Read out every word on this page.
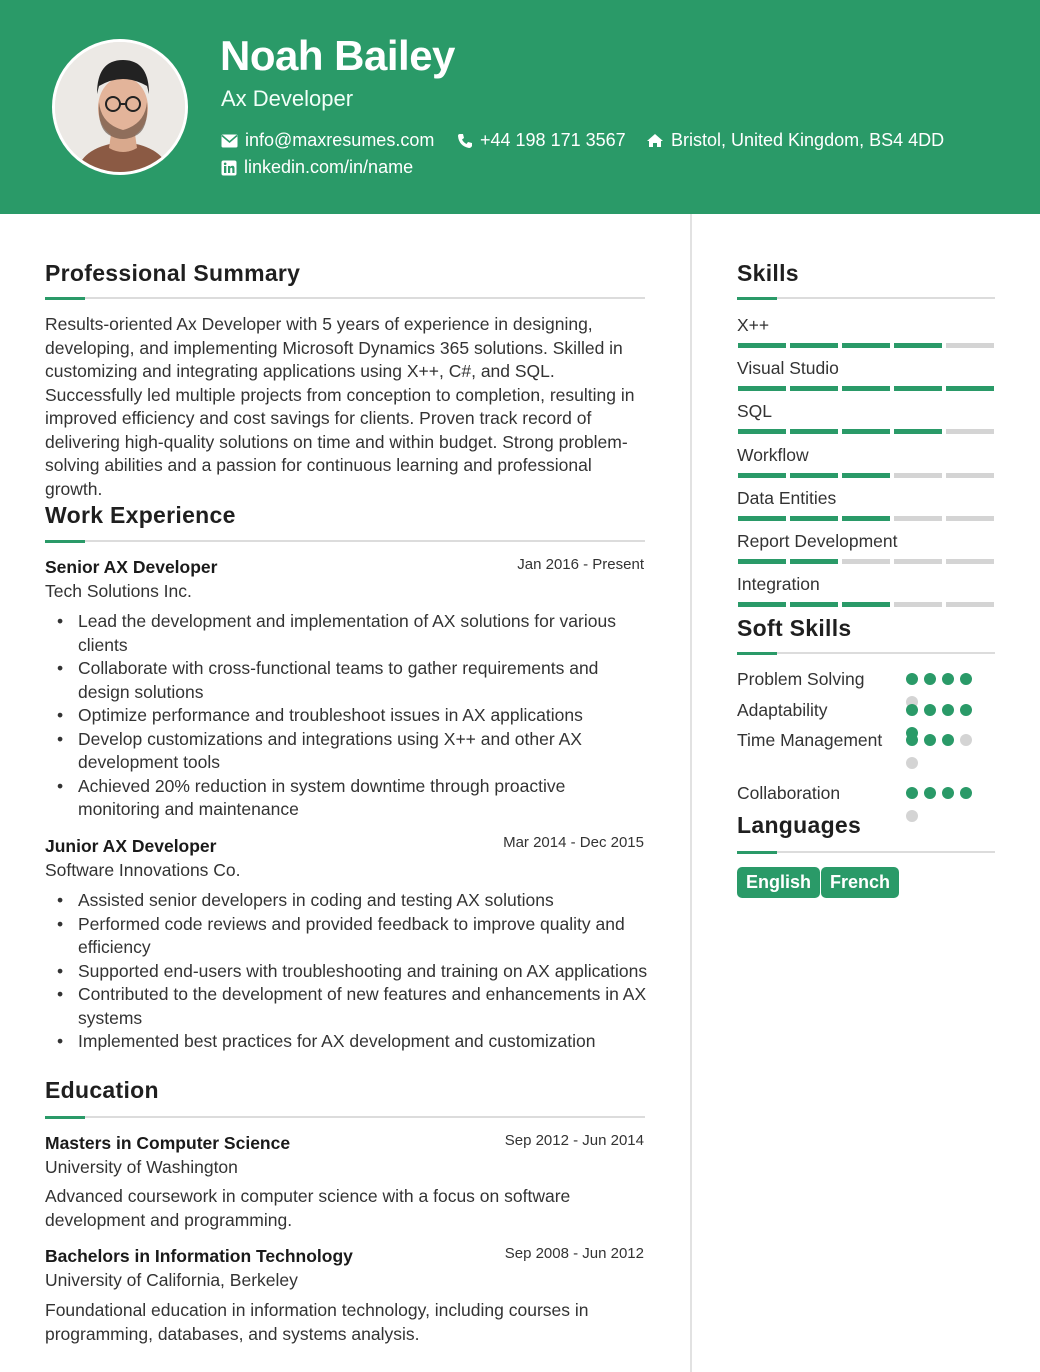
Noah Bailey
Ax Developer
info@maxresumes.com	+44 198 171 3567	Bristol, United Kingdom, BS4 4DD
linkedin.com/in/name
Professional Summary
Results-oriented Ax Developer with 5 years of experience in designing, developing, and implementing Microsoft Dynamics 365 solutions. Skilled in customizing and integrating applications using X++, C#, and SQL. Successfully led multiple projects from conception to completion, resulting in improved efficiency and cost savings for clients. Proven track record of delivering high-quality solutions on time and within budget. Strong problem-solving abilities and a passion for continuous learning and professional growth.
Work Experience
Senior AX Developer	Jan 2016 - Present
Tech Solutions Inc.
• Lead the development and implementation of AX solutions for various clients
• Collaborate with cross-functional teams to gather requirements and design solutions
• Optimize performance and troubleshoot issues in AX applications
• Develop customizations and integrations using X++ and other AX development tools
• Achieved 20% reduction in system downtime through proactive monitoring and maintenance
Junior AX Developer	Mar 2014 - Dec 2015
Software Innovations Co.
• Assisted senior developers in coding and testing AX solutions
• Performed code reviews and provided feedback to improve quality and efficiency
• Supported end-users with troubleshooting and training on AX applications
• Contributed to the development of new features and enhancements in AX systems
• Implemented best practices for AX development and customization
Education
Masters in Computer Science	Sep 2012 - Jun 2014
University of Washington
Advanced coursework in computer science with a focus on software development and programming.
Bachelors in Information Technology	Sep 2008 - Jun 2012
University of California, Berkeley
Foundational education in information technology, including courses in programming, databases, and systems analysis.
Skills
X++
Visual Studio
SQL
Workflow
Data Entities
Report Development
Integration
Soft Skills
Problem Solving
Adaptability
Time Management
Collaboration
Languages
English	French
